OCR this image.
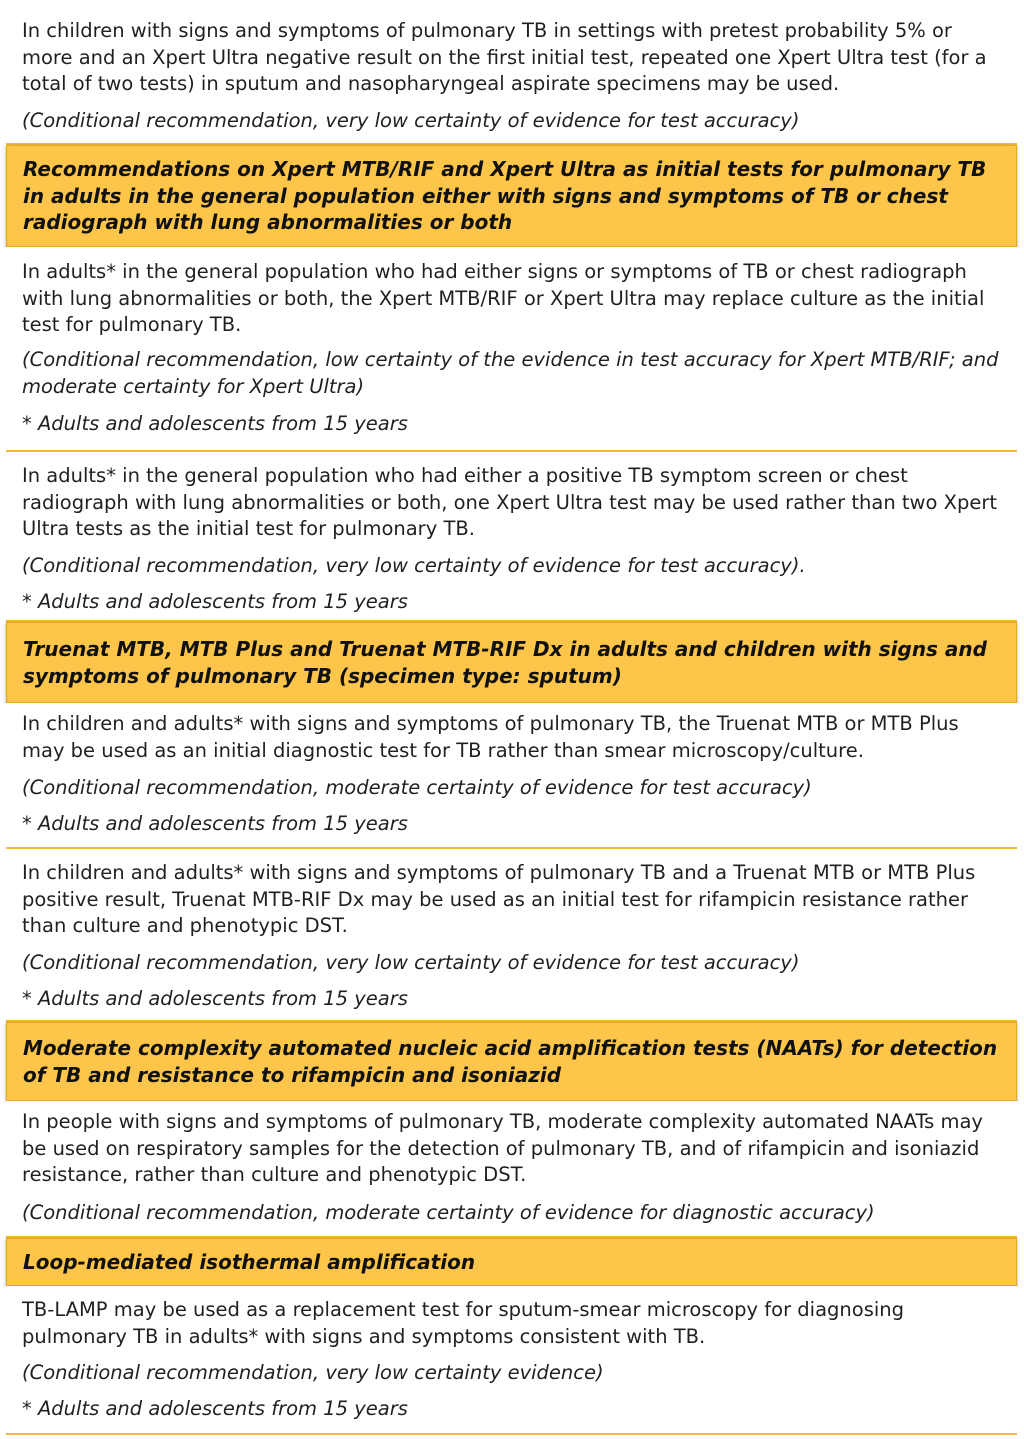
In children with signs and symptoms of pulmonary TB in settings with pretest probability 5% or more and an Xpert Ultra negative result on the first initial test, repeated one Xpert Ultra test (for a total of two tests) in sputum and nasopharyngeal aspirate specimens may be used.

(Conditional recommendation, very low certainty of evidence for test accuracy)

Recommendations on Xpert MTB/RIF and Xpert Ultra as initial tests for pulmonary TB in adults in the general population either with signs and symptoms of TB or chest radiograph with lung abnormalities or both

In adults* in the general population who had either signs or symptoms of TB or chest radiograph with lung abnormalities or both, the Xpert MTB/RIF or Xpert Ultra may replace culture as the initial test for pulmonary TB.

(Conditional recommendation, low certainty of the evidence in test accuracy for Xpert MTB/RIF; and moderate certainty for Xpert Ultra)

* Adults and adolescents from 15 years

In adults* in the general population who had either a positive TB symptom screen or chest radiograph with lung abnormalities or both, one Xpert Ultra test may be used rather than two Xpert Ultra tests as the initial test for pulmonary TB.

(Conditional recommendation, very low certainty of evidence for test accuracy).

* Adults and adolescents from 15 years

Truenat MTB, MTB Plus and Truenat MTB-RIF Dx in adults and children with signs and symptoms of pulmonary TB (specimen type: sputum)

In children and adults* with signs and symptoms of pulmonary TB, the Truenat MTB or MTB Plus may be used as an initial diagnostic test for TB rather than smear microscopy/culture.

(Conditional recommendation, moderate certainty of evidence for test accuracy)

* Adults and adolescents from 15 years

In children and adults* with signs and symptoms of pulmonary TB and a Truenat MTB or MTB Plus positive result, Truenat MTB-RIF Dx may be used as an initial test for rifampicin resistance rather than culture and phenotypic DST.

(Conditional recommendation, very low certainty of evidence for test accuracy)

* Adults and adolescents from 15 years

Moderate complexity automated nucleic acid amplification tests (NAATs) for detection of TB and resistance to rifampicin and isoniazid

In people with signs and symptoms of pulmonary TB, moderate complexity automated NAATs may be used on respiratory samples for the detection of pulmonary TB, and of rifampicin and isoniazid resistance, rather than culture and phenotypic DST.

(Conditional recommendation, moderate certainty of evidence for diagnostic accuracy)

Loop-mediated isothermal amplification

TB-LAMP may be used as a replacement test for sputum-smear microscopy for diagnosing pulmonary TB in adults* with signs and symptoms consistent with TB.

(Conditional recommendation, very low certainty evidence)

* Adults and adolescents from 15 years
